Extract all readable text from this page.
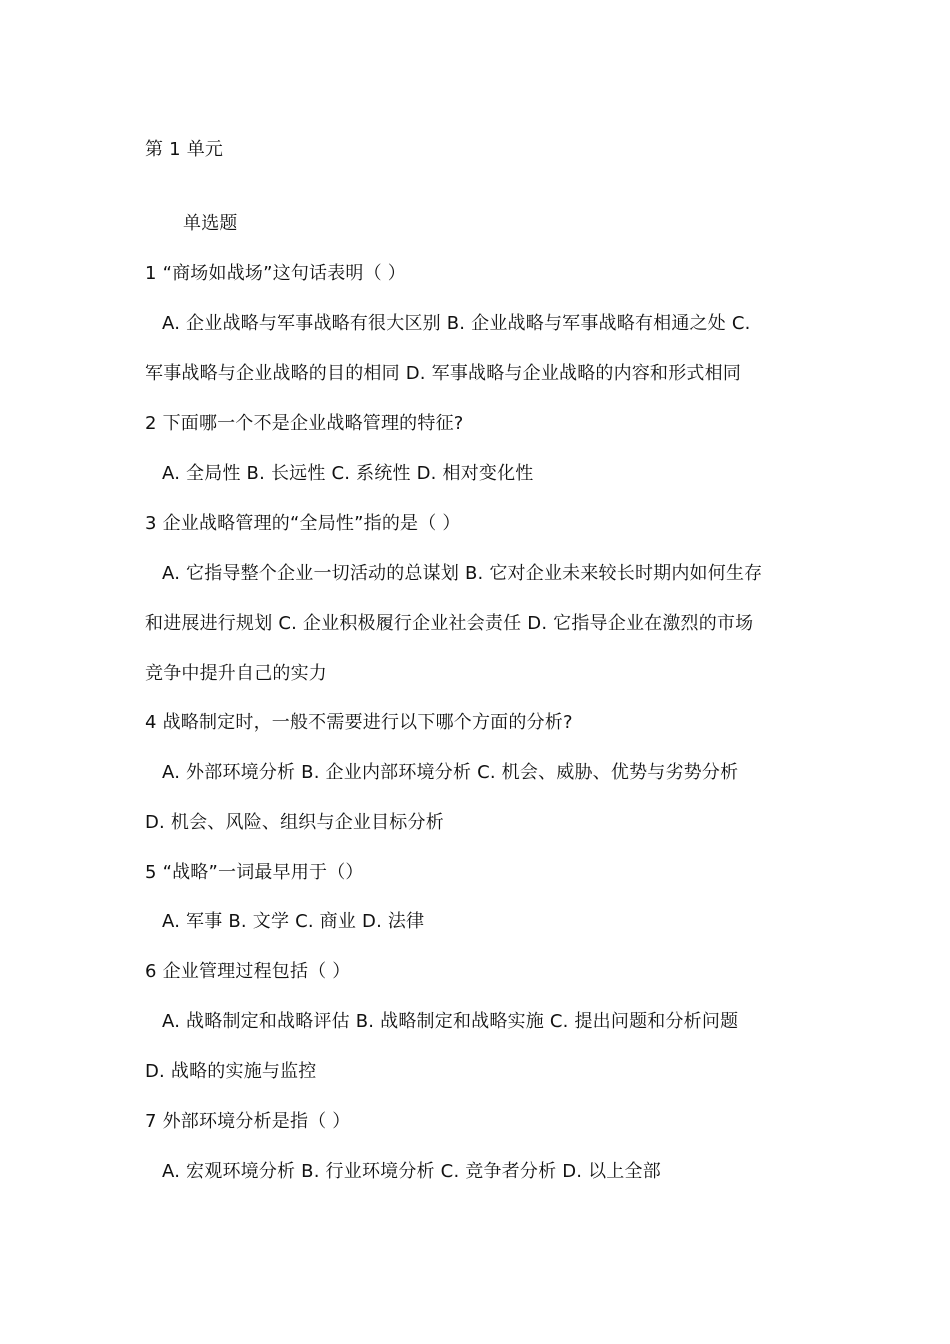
第 1 单元
单选题
1 “商场如战场”这句话表明（ ）
A. 企业战略与军事战略有很大区别 B. 企业战略与军事战略有相通之处 C.
军事战略与企业战略的目的相同 D. 军事战略与企业战略的内容和形式相同
2 下面哪一个不是企业战略管理的特征?
A. 全局性 B. 长远性 C. 系统性 D. 相对变化性
3 企业战略管理的“全局性”指的是（ ）
A. 它指导整个企业一切活动的总谋划 B. 它对企业未来较长时期内如何生存
和进展进行规划 C. 企业积极履行企业社会责任 D. 它指导企业在激烈的市场
竞争中提升自己的实力
4 战略制定时，一般不需要进行以下哪个方面的分析?
A. 外部环境分析 B. 企业内部环境分析 C. 机会、威胁、优势与劣势分析
D. 机会、风险、组织与企业目标分析
5 “战略”一词最早用于（）
A. 军事 B. 文学 C. 商业 D. 法律
6 企业管理过程包括（ ）
A. 战略制定和战略评估 B. 战略制定和战略实施 C. 提出问题和分析问题
D. 战略的实施与监控
7 外部环境分析是指（ ）
A. 宏观环境分析 B. 行业环境分析 C. 竞争者分析 D. 以上全部
